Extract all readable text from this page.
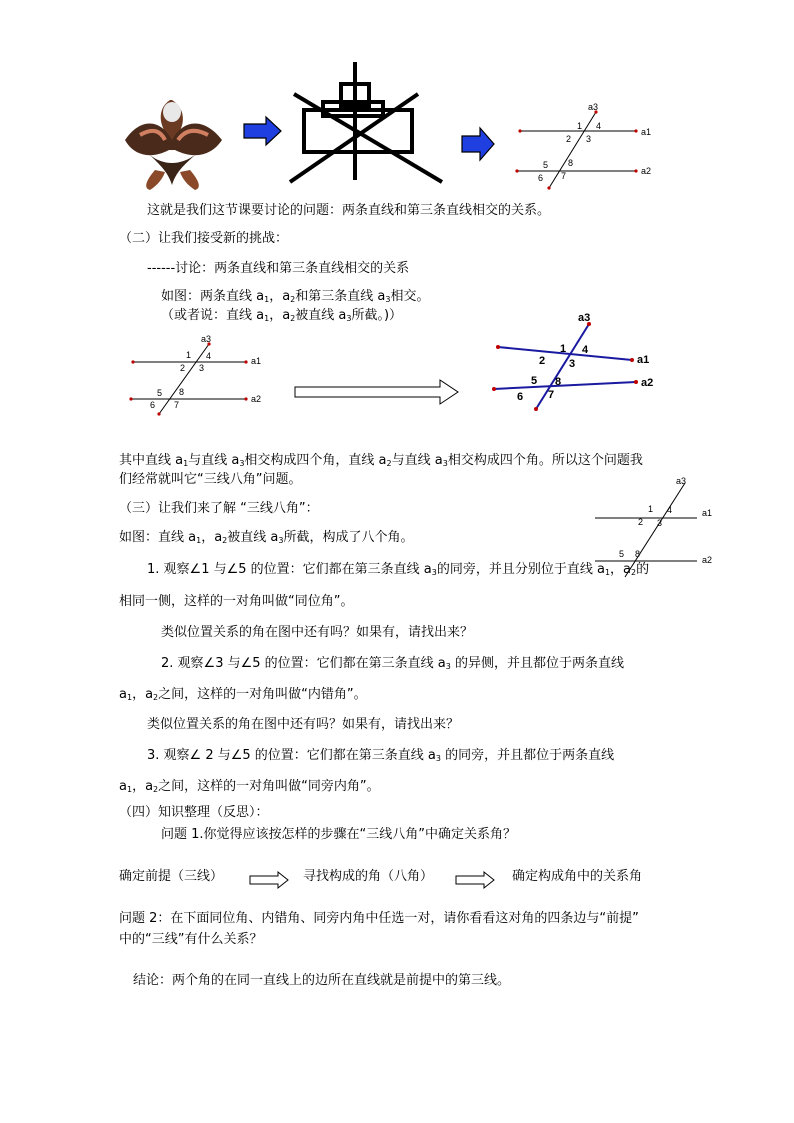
a3
a1
a2
1 4
2 3
5 8
6 7
a3
a1
a2
1 4
2 3
5 8
6 7
a3
a1
a2
1 4
2 3
5 8
6 7
a3
a1
a2
1 4
2 3
5 8
这就是我们这节课要讨论的问题：两条直线和第三条直线相交的关系。
（二）让我们接受新的挑战：
------讨论：两条直线和第三条直线相交的关系
如图：两条直线 $a_1$，$a_2$和第三条直线 $a_3$相交。
（或者说：直线 $a_1$，$a_2$被直线 $a_3$所截。)）
其中直线 $a_1$与直线 $a_3$相交构成四个角，直线 $a_2$与直线 $a_3$相交构成四个角。所以这个问题我
们经常就叫它“三线八角”问题。
（三）让我们来了解 “三线八角”：
如图：直线 $a_1$，$a_2$被直线 $a_3$所截，构成了八个角。
1. 观察∠1 与∠5 的位置：它们都在第三条直线 $a_3$的同旁，并且分别位于直线 $a_1$，$a_2$的
相同一侧，这样的一对角叫做“同位角”。
类似位置关系的角在图中还有吗？如果有，请找出来？
2. 观察∠3 与∠5 的位置：它们都在第三条直线 $a_3$ 的异侧，并且都位于两条直线
$a_1$，$a_2$之间，这样的一对角叫做“内错角”。
类似位置关系的角在图中还有吗？如果有，请找出来？
3. 观察∠ 2 与∠5 的位置：它们都在第三条直线 $a_3$ 的同旁，并且都位于两条直线
$a_1$，$a_2$之间，这样的一对角叫做“同旁内角”。
（四）知识整理（反思）：
问题 1.你觉得应该按怎样的步骤在“三线八角”中确定关系角？
确定前提（三线）	寻找构成的角（八角）	确定构成角中的关系角
问题 2：在下面同位角、内错角、同旁内角中任选一对，请你看看这对角的四条边与“前提”
中的“三线”有什么关系？
结论：两个角的在同一直线上的边所在直线就是前提中的第三线。
